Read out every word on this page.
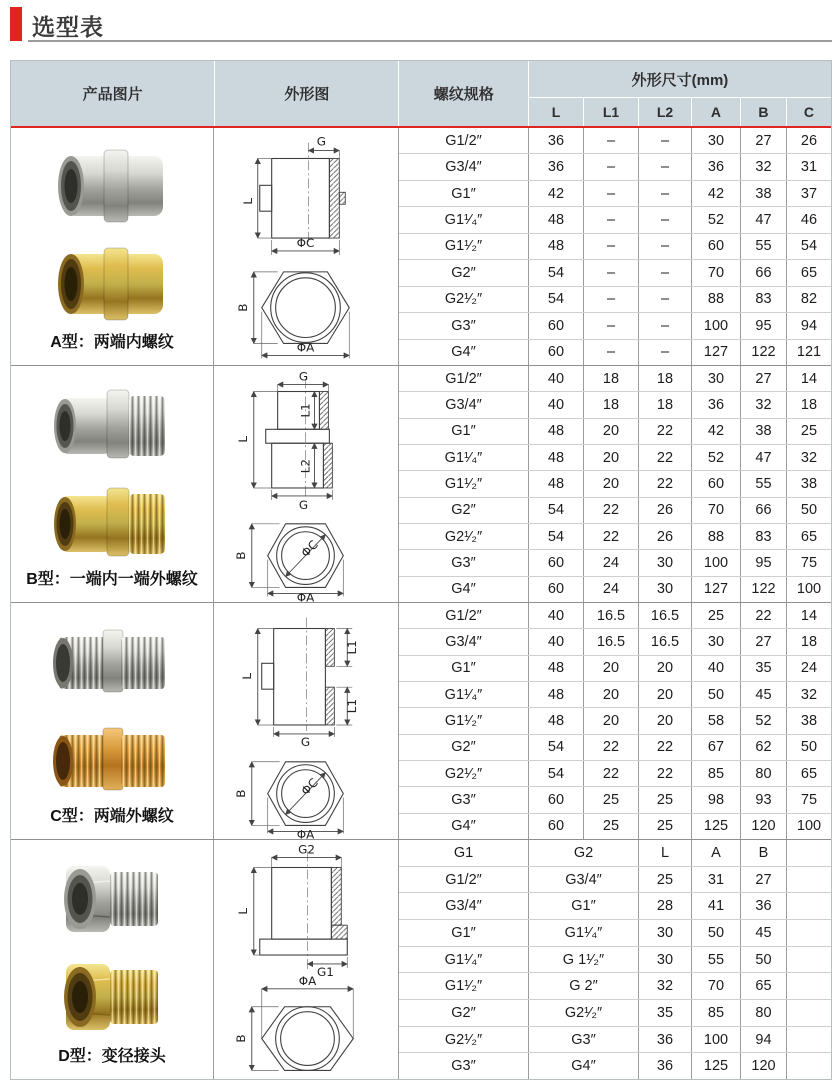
选型表
产品图片	外形图	螺纹规格
外形尺寸(mm)
L	L1	L2	A	B	C
A型：两端内螺纹
G
L
ΦC
B
ΦA
G1/2″	36	–	–	30	27	26
G3/4″	36	–	–	36	32	31
G1″	42	–	–	42	38	37
G1¹⁄₄″	48	–	–	52	47	46
G1¹⁄₂″	48	–	–	60	55	54
G2″	54	–	–	70	66	65
G2¹⁄₂″	54	–	–	88	83	82
G3″	60	–	–	100	95	94
G4″	60	–	–	127	122	121
B型：一端内一端外螺纹
G
L1
L
L2
G
ΦC
B
ΦA
G1/2″	40	18	18	30	27	14
G3/4″	40	18	18	36	32	18
G1″	48	20	22	42	38	25
G1¹⁄₄″	48	20	22	52	47	32
G1¹⁄₂″	48	20	22	60	55	38
G2″	54	22	26	70	66	50
G2¹⁄₂″	54	22	26	88	83	65
G3″	60	24	30	100	95	75
G4″	60	24	30	127	122	100
C型：两端外螺纹
L
L1
L1
G
ΦC
B
ΦA
G1/2″	40	16.5	16.5	25	22	14
G3/4″	40	16.5	16.5	30	27	18
G1″	48	20	20	40	35	24
G1¹⁄₄″	48	20	20	50	45	32
G1¹⁄₂″	48	20	20	58	52	38
G2″	54	22	22	67	62	50
G2¹⁄₂″	54	22	22	85	80	65
G3″	60	25	25	98	93	75
G4″	60	25	25	125	120	100
D型：变径接头
G2
L
G1
ΦA
B
G1	G2	L	A	B
G1/2″	G3/4″	25	31	27
G3/4″	G1″	28	41	36
G1″	G1¹⁄₄″	30	50	45
G1¹⁄₄″	G 1¹⁄₂″	30	55	50
G1¹⁄₂″	G 2″	32	70	65
G2″	G2¹⁄₂″	35	85	80
G2¹⁄₂″	G3″	36	100	94
G3″	G4″	36	125	120
